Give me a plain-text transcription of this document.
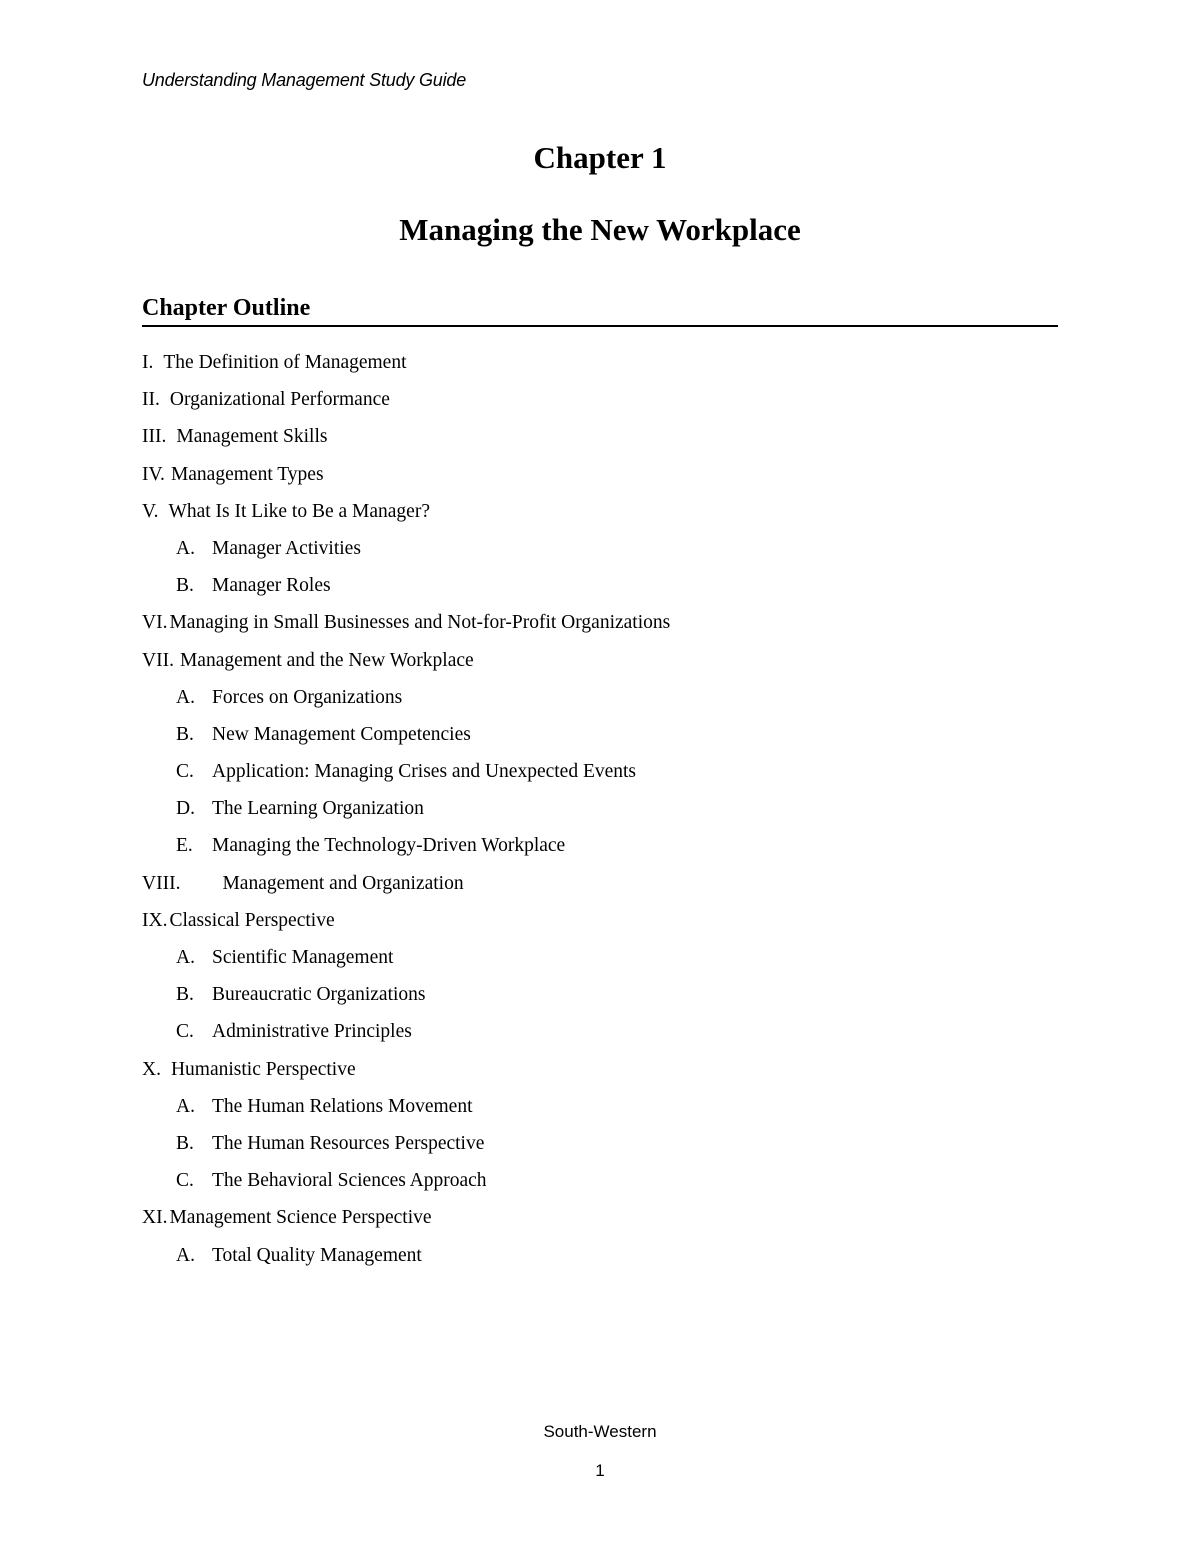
Understanding Management Study Guide
Chapter 1
Managing the New Workplace
Chapter Outline
I. The Definition of Management
II. Organizational Performance
III. Management Skills
IV. Management Types
V. What Is It Like to Be a Manager?
A. Manager Activities
B. Manager Roles
VI. Managing in Small Businesses and Not-for-Profit Organizations
VII. Management and the New Workplace
A. Forces on Organizations
B. New Management Competencies
C. Application: Managing Crises and Unexpected Events
D. The Learning Organization
E. Managing the Technology-Driven Workplace
VIII. Management and Organization
IX. Classical Perspective
A. Scientific Management
B. Bureaucratic Organizations
C. Administrative Principles
X. Humanistic Perspective
A. The Human Relations Movement
B. The Human Resources Perspective
C. The Behavioral Sciences Approach
XI. Management Science Perspective
A. Total Quality Management
South-Western
1
